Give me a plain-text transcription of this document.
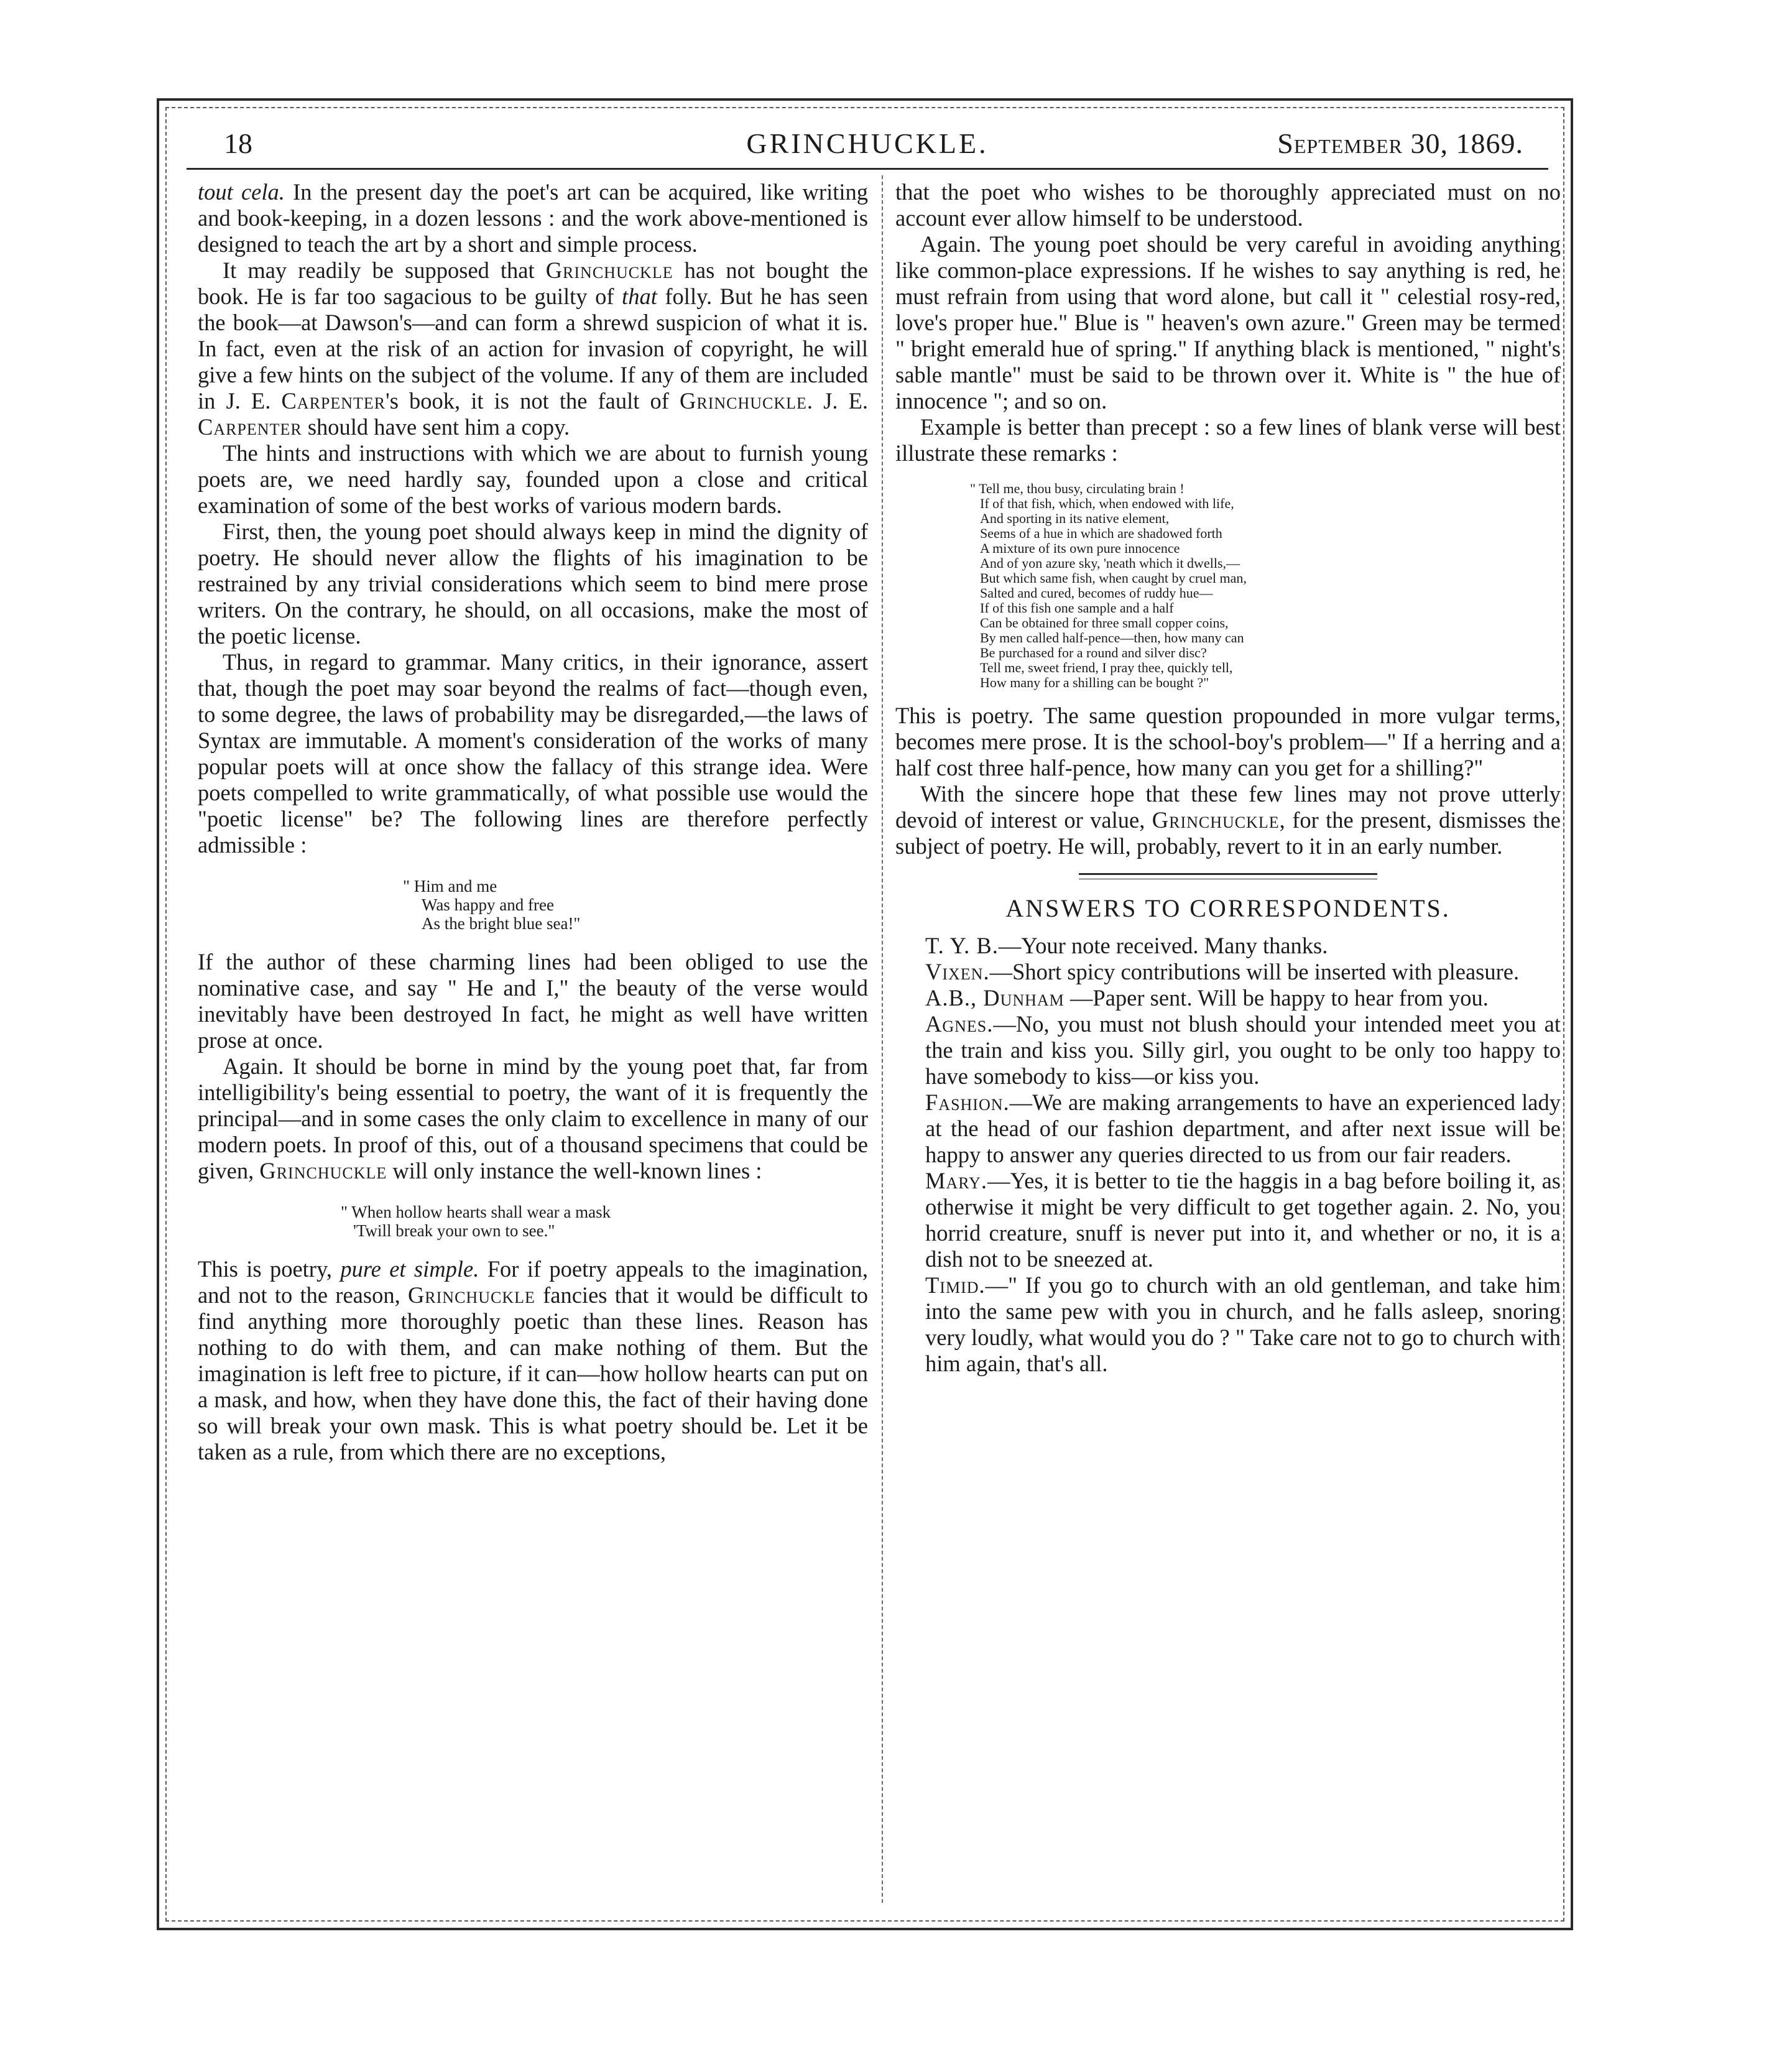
18	GRINCHUCKLE.	September 30, 1869.

tout cela. In the present day the poet's art can be acquired, like writing and book-keeping, in a dozen lessons : and the work above-mentioned is designed to teach the art by a short and simple process.

It may readily be supposed that Grinchuckle has not bought the book. He is far too sagacious to be guilty of that folly. But he has seen the book—at Dawson's—and can form a shrewd suspicion of what it is. In fact, even at the risk of an action for invasion of copyright, he will give a few hints on the subject of the volume. If any of them are included in J. E. Carpenter's book, it is not the fault of Grinchuckle. J. E. Carpenter should have sent him a copy.

The hints and instructions with which we are about to furnish young poets are, we need hardly say, founded upon a close and critical examination of some of the best works of various modern bards.

First, then, the young poet should always keep in mind the dignity of poetry. He should never allow the flights of his imagination to be restrained by any trivial considerations which seem to bind mere prose writers. On the contrary, he should, on all occasions, make the most of the poetic license.

Thus, in regard to grammar. Many critics, in their ignorance, assert that, though the poet may soar beyond the realms of fact—though even, to some degree, the laws of probability may be disregarded,—the laws of Syntax are immutable. A moment's consideration of the works of many popular poets will at once show the fallacy of this strange idea. Were poets compelled to write grammatically, of what possible use would the "poetic license" be? The following lines are therefore perfectly admissible :

" Him and me
Was happy and free
As the bright blue sea!"

If the author of these charming lines had been obliged to use the nominative case, and say " He and I," the beauty of the verse would inevitably have been destroyed In fact, he might as well have written prose at once.

Again. It should be borne in mind by the young poet that, far from intelligibility's being essential to poetry, the want of it is frequently the principal—and in some cases the only claim to excellence in many of our modern poets. In proof of this, out of a thousand specimens that could be given, Grinchuckle will only instance the well-known lines :

" When hollow hearts shall wear a mask
'Twill break your own to see."

This is poetry, pure et simple. For if poetry appeals to the imagination, and not to the reason, Grinchuckle fancies that it would be difficult to find anything more thoroughly poetic than these lines. Reason has nothing to do with them, and can make nothing of them. But the imagination is left free to picture, if it can—how hollow hearts can put on a mask, and how, when they have done this, the fact of their having done so will break your own mask. This is what poetry should be. Let it be taken as a rule, from which there are no exceptions,

that the poet who wishes to be thoroughly appreciated must on no account ever allow himself to be understood.

Again. The young poet should be very careful in avoiding anything like common-place expressions. If he wishes to say anything is red, he must refrain from using that word alone, but call it " celestial rosy-red, love's proper hue." Blue is " heaven's own azure." Green may be termed " bright emerald hue of spring." If anything black is mentioned, " night's sable mantle" must be said to be thrown over it. White is " the hue of innocence "; and so on.

Example is better than precept : so a few lines of blank verse will best illustrate these remarks :

" Tell me, thou busy, circulating brain !
If of that fish, which, when endowed with life,
And sporting in its native element,
Seems of a hue in which are shadowed forth
A mixture of its own pure innocence
And of yon azure sky, 'neath which it dwells,—
But which same fish, when caught by cruel man,
Salted and cured, becomes of ruddy hue—
If of this fish one sample and a half
Can be obtained for three small copper coins,
By men called half-pence—then, how many can
Be purchased for a round and silver disc?
Tell me, sweet friend, I pray thee, quickly tell,
How many for a shilling can be bought ?"

This is poetry. The same question propounded in more vulgar terms, becomes mere prose. It is the school-boy's problem—" If a herring and a half cost three half-pence, how many can you get for a shilling?"

With the sincere hope that these few lines may not prove utterly devoid of interest or value, Grinchuckle, for the present, dismisses the subject of poetry. He will, probably, revert to it in an early number.

ANSWERS TO CORRESPONDENTS.

T. Y. B.—Your note received. Many thanks.

Vixen.—Short spicy contributions will be inserted with pleasure.

A.B., Dunham —Paper sent. Will be happy to hear from you.

Agnes.—No, you must not blush should your intended meet you at the train and kiss you. Silly girl, you ought to be only too happy to have somebody to kiss—or kiss you.

Fashion.—We are making arrangements to have an experienced lady at the head of our fashion department, and after next issue will be happy to answer any queries directed to us from our fair readers.

Mary.—Yes, it is better to tie the haggis in a bag before boiling it, as otherwise it might be very difficult to get together again. 2. No, you horrid creature, snuff is never put into it, and whether or no, it is a dish not to be sneezed at.

Timid.—" If you go to church with an old gentleman, and take him into the same pew with you in church, and he falls asleep, snoring very loudly, what would you do ? " Take care not to go to church with him again, that's all.
